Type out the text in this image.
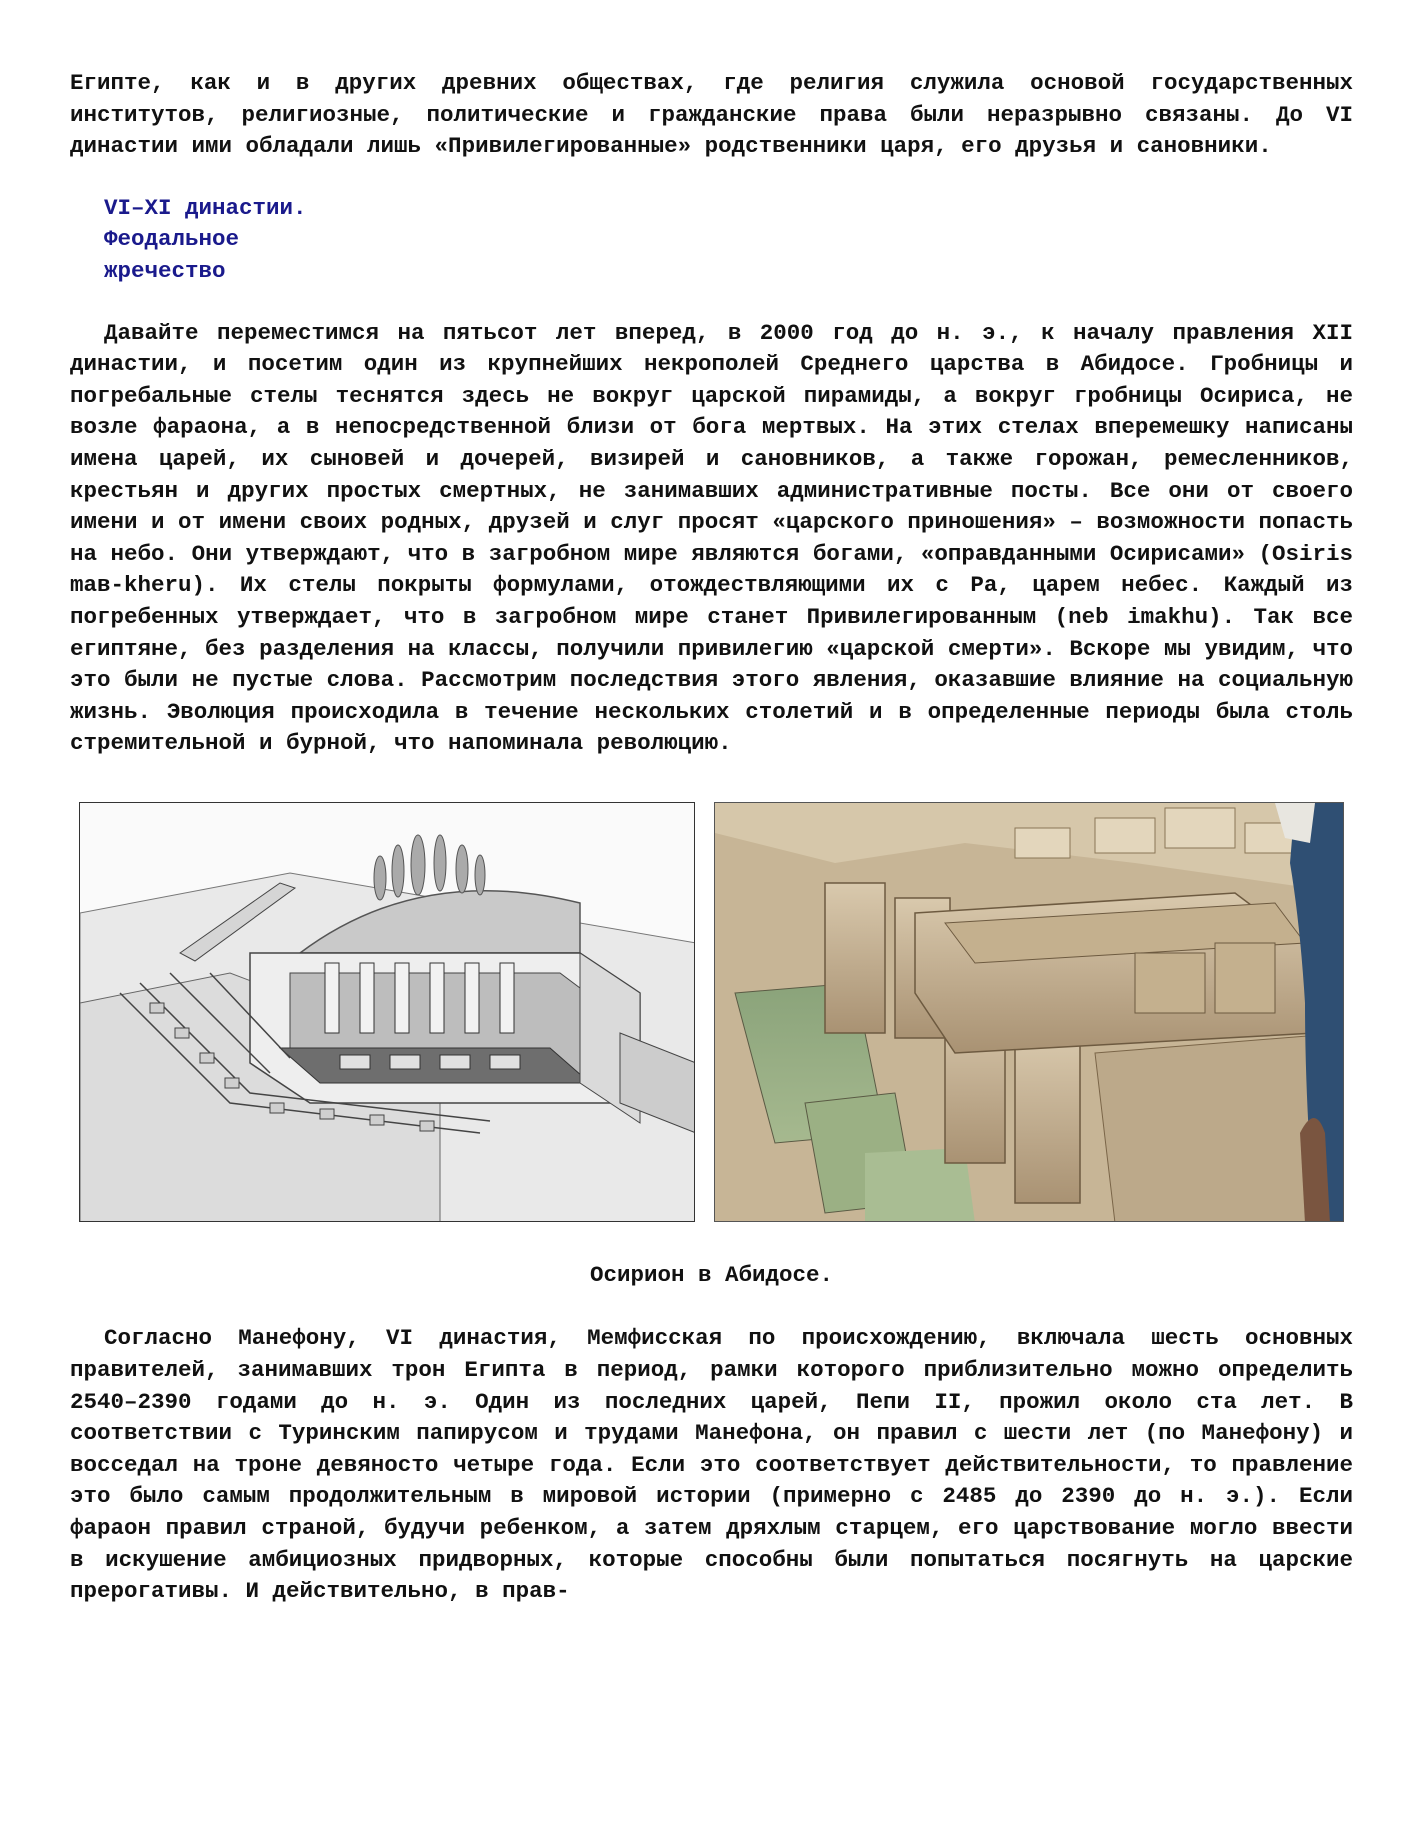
Египте, как и в других древних обществах, где религия служила основой государственных институтов, религиозные, политические и гражданские права были неразрывно связаны. До VI династии ими обладали лишь «Привилегированные» родственники царя, его друзья и сановники.

VI–XI династии.
Феодальное
жречество

Давайте переместимся на пятьсот лет вперед, в 2000 год до н. э., к началу правления XII династии, и посетим один из крупнейших некрополей Среднего царства в Абидосе. Гробницы и погребальные стелы теснятся здесь не вокруг царской пирамиды, а вокруг гробницы Осириса, не возле фараона, а в непосредственной близи от бога мертвых. На этих стелах вперемешку написаны имена царей, их сыновей и дочерей, визирей и сановников, а также горожан, ремесленников, крестьян и других простых смертных, не занимавших административные посты. Все они от своего имени и от имени своих родных, друзей и слуг просят «царского приношения» – возможности попасть на небо. Они утверждают, что в загробном мире являются богами, «оправданными Осирисами» (Osiris maв-kheru). Их стелы покрыты формулами, отождествляющими их с Ра, царем небес. Каждый из погребенных утверждает, что в загробном мире станет Привилегированным (neb imakhu). Так все египтяне, без разделения на классы, получили привилегию «царской смерти». Вскоре мы увидим, что это были не пустые слова. Рассмотрим последствия этого явления, оказавшие влияние на социальную жизнь. Эволюция происходила в течение нескольких столетий и в определенные периоды была столь стремительной и бурной, что напоминала революцию.

Осирион в Абидосе.

Согласно Манефону, VI династия, Мемфисская по происхождению, включала шесть основных правителей, занимавших трон Египта в период, рамки которого приблизительно можно определить 2540–2390 годами до н. э. Один из последних царей, Пепи II, прожил около ста лет. В соответствии с Туринским папирусом и трудами Манефона, он правил с шести лет (по Манефону) и восседал на троне девяносто четыре года. Если это соответствует действительности, то правление это было самым продолжительным в мировой истории (примерно с 2485 до 2390 до н. э.). Если фараон правил страной, будучи ребенком, а затем дряхлым старцем, его царствование могло ввести в искушение амбициозных придворных, которые способны были попытаться посягнуть на царские прерогативы. И действительно, в прав-
